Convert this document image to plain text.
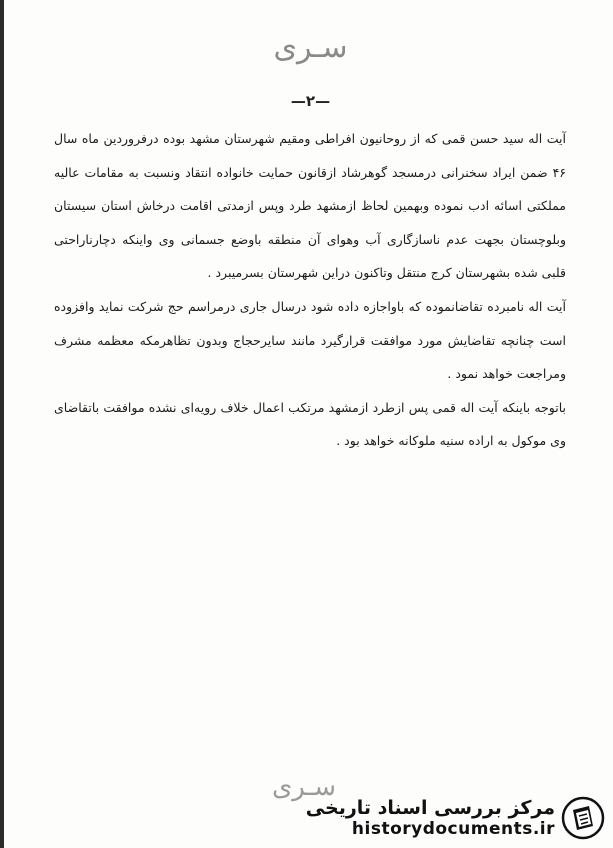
سـری
—۲—

آیت اله سید حسن قمی که از روحانیون افراطی ومقیم شهرستان مشهد بوده درفروردین ماه سال ۴۶ ضمن ایراد سخنرانی درمسجد گوهرشاد ازقانون حمایت خانواده انتقاد ونسبت به مقامات عالیه مملکتی اسائه ادب نموده وبهمین لحاظ ازمشهد طرد وپس ازمدتی اقامت درخاش استان سیستان وبلوچستان بجهت عدم ناسازگاری آب وهوای آن منطقه باوضع جسمانی وی واینکه دچارناراحتی قلبی شده بشهرستان کرج منتقل وتاکنون دراین شهرستان بسرمیبرد .

آیت اله نامبرده تقاضانموده که باواجازه داده شود درسال جاری درمراسم حج شرکت نماید وافزوده است چنانچه تقاضایش مورد موافقت قرارگیرد مانند سایرحجاج وبدون تظاهرمکه معظمه مشرف ومراجعت خواهد نمود .

باتوجه باینکه آیت اله قمی پس ازطرد ازمشهد مرتکب اعمال خلاف رویه‌ای نشده موافقت باتقاضای وی موکول به اراده سنیه ملوکانه خواهد بود .

سـری
مرکز بررسی اسناد تاریخی
historydocuments.ir
